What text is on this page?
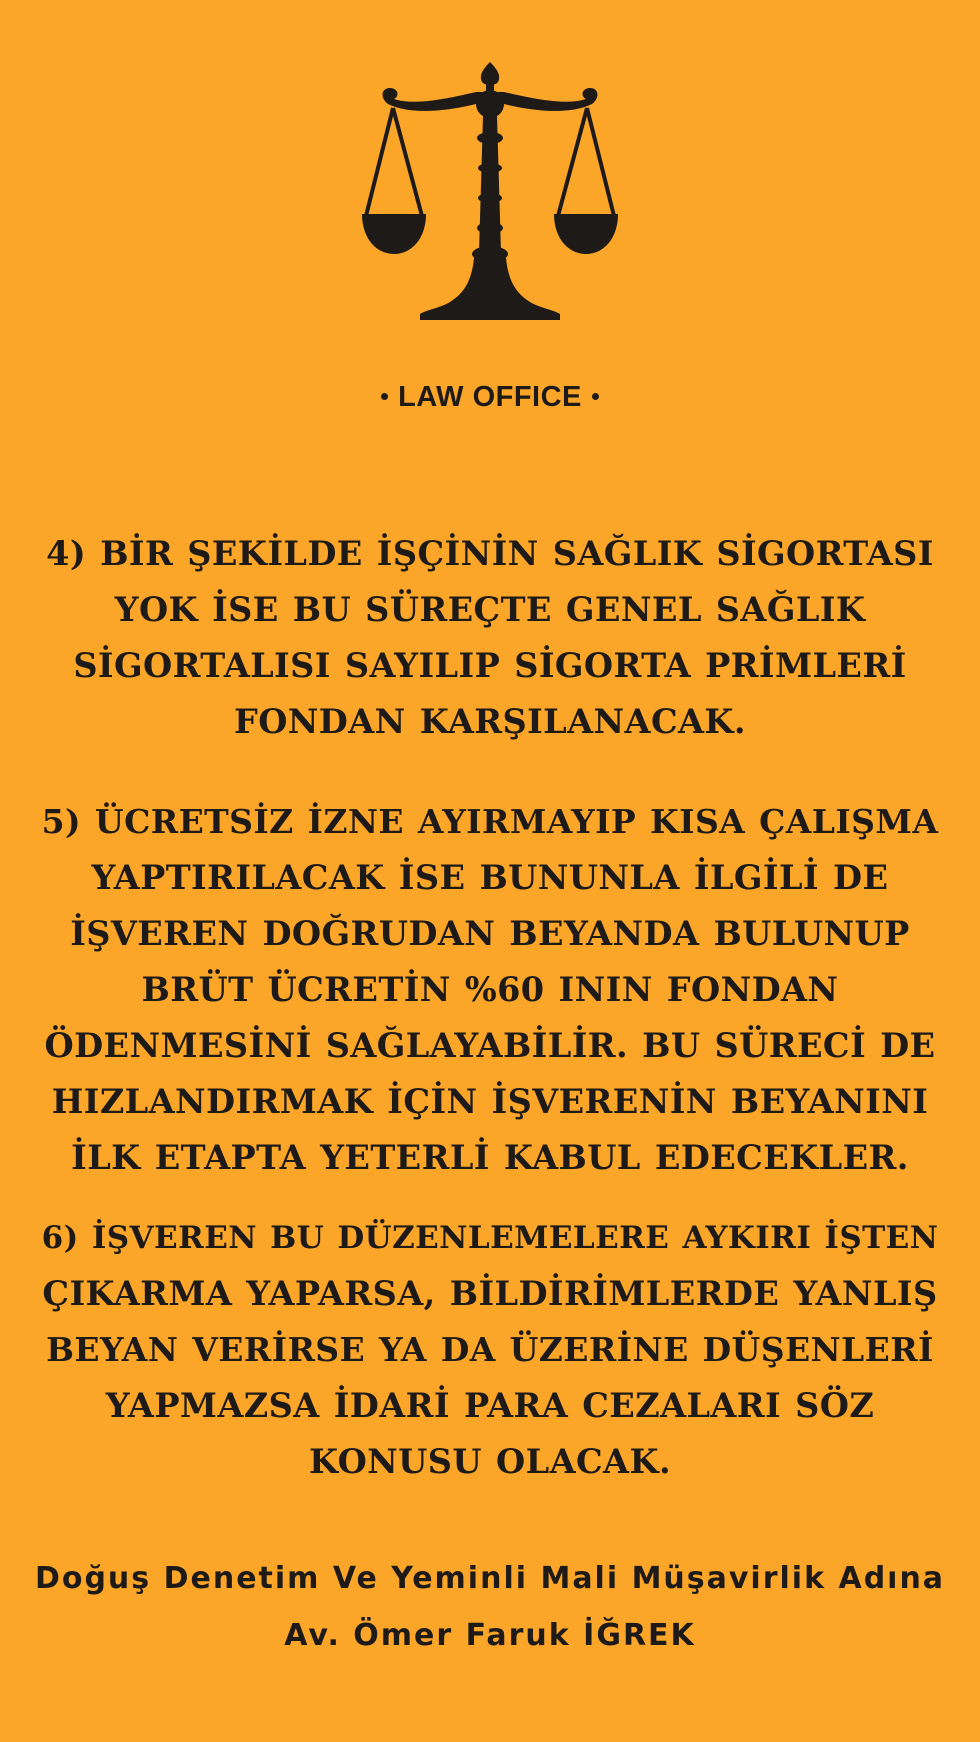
LAW OFFICE
4) BİR ŞEKİLDE İŞÇİNİN SAĞLIK SİGORTASI
YOK İSE BU SÜREÇTE GENEL SAĞLIK
SİGORTALISI SAYILIP SİGORTA PRİMLERİ
FONDAN KARŞILANACAK.
5) ÜCRETSİZ İZNE AYIRMAYIP KISA ÇALIŞMA
YAPTIRILACAK İSE BUNUNLA İLGİLİ DE
İŞVEREN DOĞRUDAN BEYANDA BULUNUP
BRÜT ÜCRETİN %60 ININ FONDAN
ÖDENMESİNİ SAĞLAYABİLİR. BU SÜRECİ DE
HIZLANDIRMAK İÇİN İŞVERENİN BEYANINI
İLK ETAPTA YETERLİ KABUL EDECEKLER.
6) İŞVEREN BU DÜZENLEMELERE AYKIRI İŞTEN
ÇIKARMA YAPARSA, BİLDİRİMLERDE YANLIŞ
BEYAN VERİRSE YA DA ÜZERİNE DÜŞENLERİ
YAPMAZSA İDARİ PARA CEZALARI SÖZ
KONUSU OLACAK.
Doğuş Denetim Ve Yeminli Mali Müşavirlik Adına
Av. Ömer Faruk İĞREK
